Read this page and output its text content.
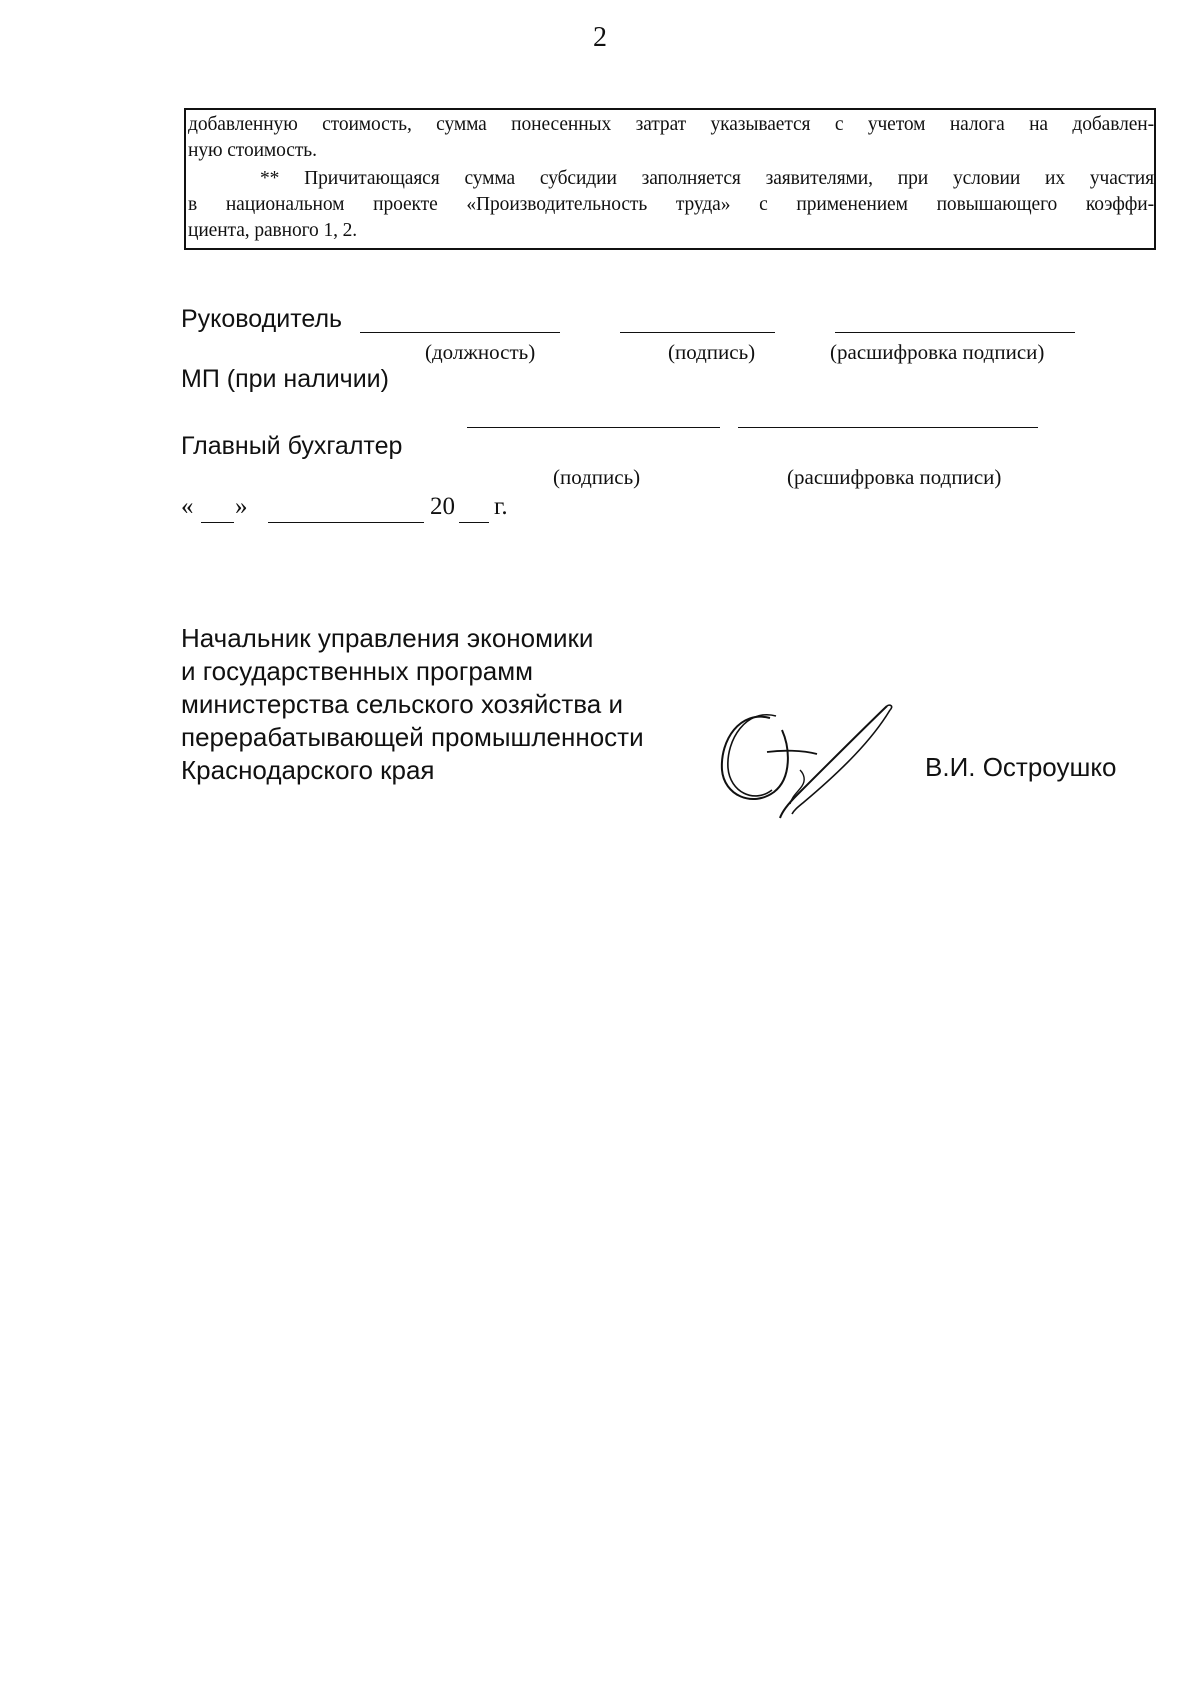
2
добавленную стоимость, сумма понесенных затрат указывается с учетом налога на добавлен-
ную стоимость.
** Причитающаяся сумма субсидии заполняется заявителями, при условии их участия
в национальном проекте «Производительность труда» с применением повышающего коэффи-
циента, равного 1, 2.
Руководитель
(должность)	(подпись)	(расшифровка подписи)
МП (при наличии)
Главный бухгалтер
(подпись)	(расшифровка подписи)
« »	20 г.
Начальник управления экономики
и государственных программ
министерства сельского хозяйства и
перерабатывающей промышленности
Краснодарского края	В.И. Остроушко
